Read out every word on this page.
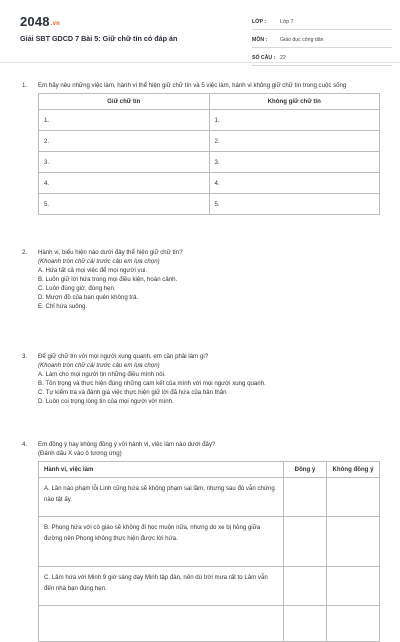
2048.vn
Giải SBT GDCD 7 Bài 5: Giữ chữ tín có đáp án
LỚP :	Lớp 7
MÔN :	Giáo dục công dân
SỐ CÂU : 22
1. Em hãy nêu những việc làm, hành vi thể hiện giữ chữ tín và 5 việc làm, hành vi không giữ chữ tín trong cuộc sống

Giữ chữ tín	Không giữ chữ tín
1.	1.
2.	2.
3.	3.
4.	4.
5.	5.
2. Hành vi, biểu hiện nào dưới đây thể hiện giữ chữ tín?

(Khoanh tròn chữ cái trước câu em lựa chọn)

A. Hứa tất cả mọi việc để mọi người vui.

B. Luôn giữ lời hứa trong mọi điều kiện, hoàn cảnh.

C. Luôn đúng giờ, đúng hẹn.

D. Mượn đồ của bạn quên không trả.

E. Chỉ hứa suông.

3. Để giữ chữ tín với mọi người xung quanh, em cần phải làm gì?

(Khoanh tròn chữ cái trước câu em lựa chọn)

A. Làm cho mọi người tin những điều mình nói.

B. Tôn trọng và thực hiện đúng những cam kết của mình với mọi người xung quanh.

C. Tự kiểm tra và đánh giá việc thực hiện giữ lời đã hứa của bản thân

D. Luôn coi trọng lòng tin của mọi người với mình.

4. Em đồng ý hay không đồng ý với hành vi, việc làm nào dưới đây?

(Đánh dấu X vào ô tương ứng)

Hành vi, việc làm	Đồng ý	Không đồng ý
A. Lần nào phạm lỗi Linh cũng hứa sẽ không phạm sai lầm, nhưng sau đó vẫn chứng nào tật ấy.		
B. Phong hứa với cô giáo sẽ không đi học muộn nữa, nhưng do xe bị hỏng giữa đường nên Phong không thực hiện được lời hứa.		
C. Lâm hứa với Minh 9 giờ sáng dạy Minh tập đàn, nên dù trời mưa rất to Lâm vẫn đến nhà bạn đúng hẹn.		
